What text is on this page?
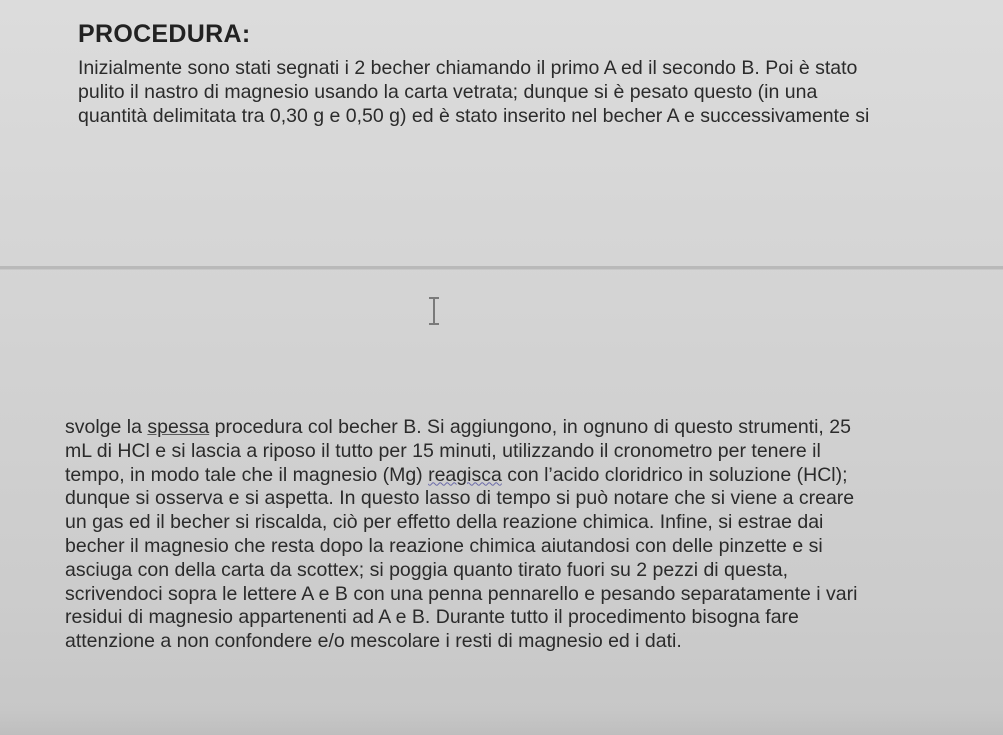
PROCEDURA:
Inizialmente sono stati segnati i 2 becher chiamando il primo A ed il secondo B. Poi è stato
pulito il nastro di magnesio usando la carta vetrata; dunque si è pesato questo (in una
quantità delimitata tra 0,30 g e 0,50 g) ed è stato inserito nel becher A e successivamente si
svolge la spessa procedura col becher B. Si aggiungono, in ognuno di questo strumenti, 25
mL di HCl e si lascia a riposo il tutto per 15 minuti, utilizzando il cronometro per tenere il
tempo, in modo tale che il magnesio (Mg) reagisca con l’acido cloridrico in soluzione (HCl);
dunque si osserva e si aspetta. In questo lasso di tempo si può notare che si viene a creare
un gas ed il becher si riscalda, ciò per effetto della reazione chimica. Infine, si estrae dai
becher il magnesio che resta dopo la reazione chimica aiutandosi con delle pinzette e si
asciuga con della carta da scottex; si poggia quanto tirato fuori su 2 pezzi di questa,
scrivendoci sopra le lettere A e B con una penna pennarello e pesando separatamente i vari
residui di magnesio appartenenti ad A e B. Durante tutto il procedimento bisogna fare
attenzione a non confondere e/o mescolare i resti di magnesio ed i dati.
